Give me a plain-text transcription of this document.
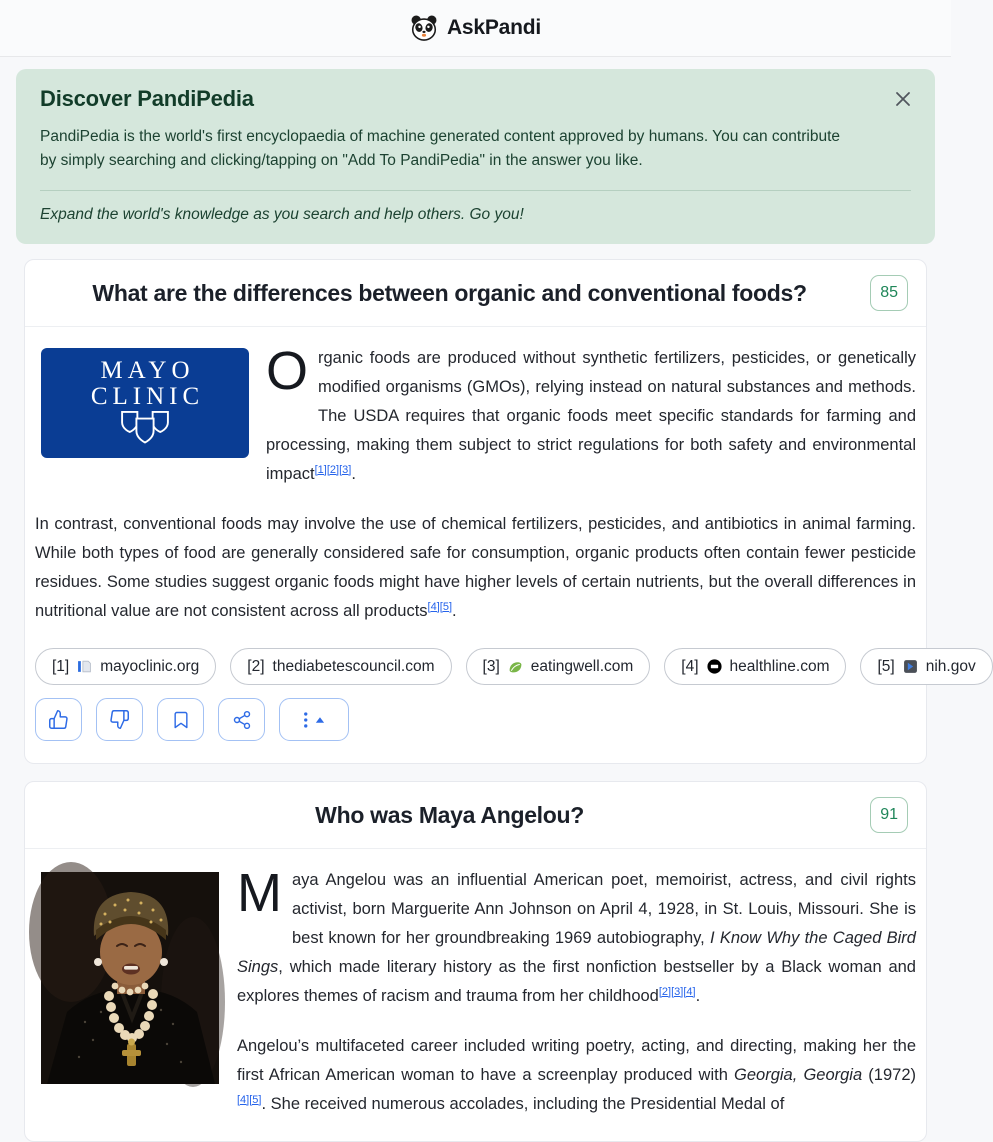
AskPandi
Discover PandiPedia

PandiPedia is the world's first encyclopaedia of machine generated content approved by humans. You can contribute by simply searching and clicking/tapping on "Add To PandiPedia" in the answer you like.

Expand the world's knowledge as you search and help others. Go you!

What are the differences between organic and conventional foods?	85
MAYO
CLINIC Organic foods are produced without synthetic fertilizers, pesticides, or genetically modified organisms (GMOs), relying instead on natural substances and methods. The USDA requires that organic foods meet specific standards for farming and processing, making them subject to strict regulations for both safety and environmental impact[1][2][3].

In contrast, conventional foods may involve the use of chemical fertilizers, pesticides, and antibiotics in animal farming. While both types of food are generally considered safe for consumption, organic products often contain fewer pesticide residues. Some studies suggest organic foods might have higher levels of certain nutrients, but the overall differences in nutritional value are not consistent across all products[4][5].

[1] mayoclinic.org	[2] thediabetescouncil.com	[3] eatingwell.com	[4] healthline.com	[5] nih.gov
Who was Maya Angelou?	91

Maya Angelou was an influential American poet, memoirist, actress, and civil rights activist, born Marguerite Ann Johnson on April 4, 1928, in St. Louis, Missouri. She is best known for her groundbreaking 1969 autobiography, I Know Why the Caged Bird Sings, which made literary history as the first nonfiction bestseller by a Black woman and explores themes of racism and trauma from her childhood[2][3][4].

Angelou’s multifaceted career included writing poetry, acting, and directing, making her the first African American woman to have a screenplay produced with Georgia, Georgia (1972)[4][5]. She received numerous accolades, including the Presidential Medal of
